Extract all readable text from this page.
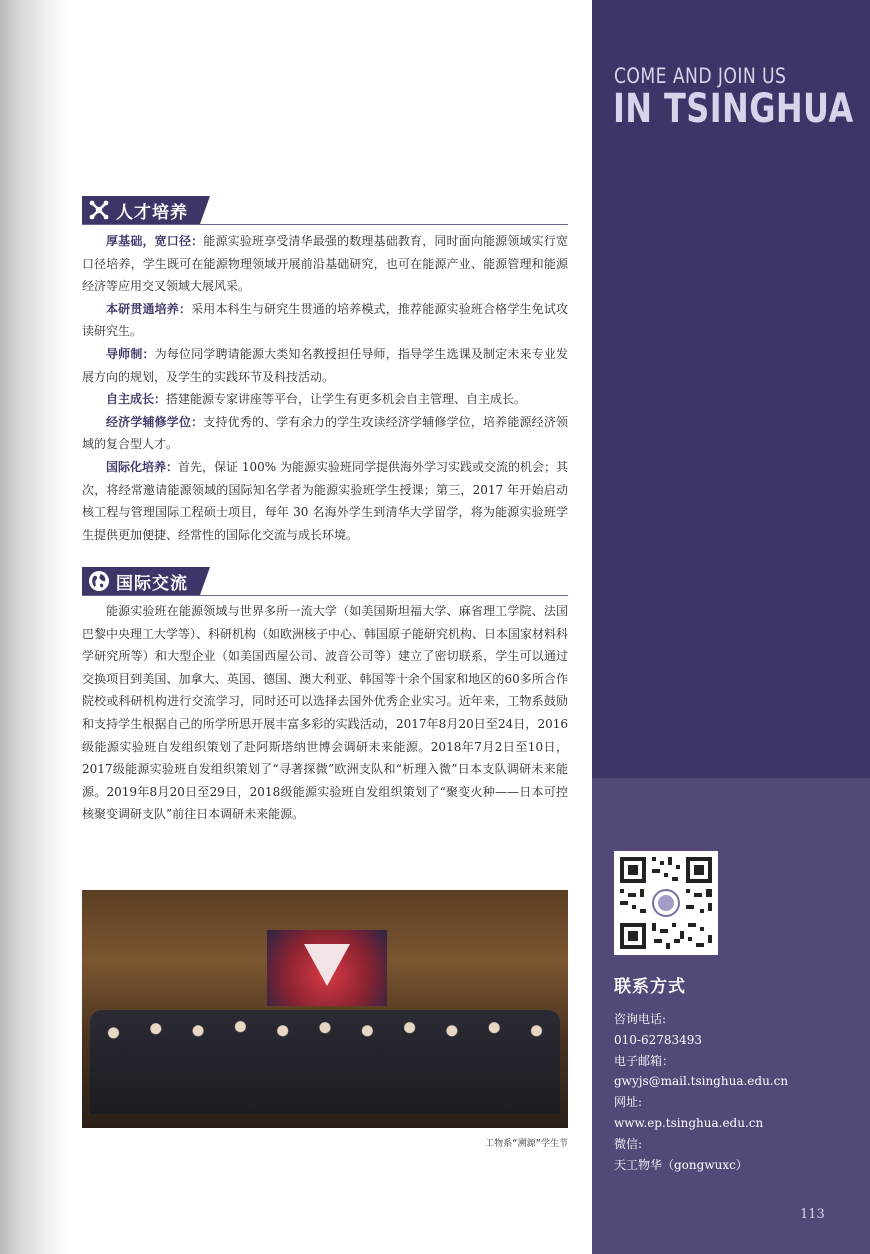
COME AND JOIN US
IN TSINGHUA
联系方式
咨询电话:
010-62783493
电子邮箱：
gwyjs@mail.tsinghua.edu.cn
网址:
www.ep.tsinghua.edu.cn
微信:
天工物华（gongwuxc）
113
人才培养

厚基础，宽口径：能源实验班享受清华最强的数理基础教育，同时面向能源领域实行宽口径培养，学生既可在能源物理领域开展前沿基础研究，也可在能源产业、能源管理和能源经济等应用交叉领域大展风采。

本研贯通培养：采用本科生与研究生贯通的培养模式，推荐能源实验班合格学生免试攻读研究生。

导师制：为每位同学聘请能源大类知名教授担任导师，指导学生选课及制定未来专业发展方向的规划，及学生的实践环节及科技活动。

自主成长：搭建能源专家讲座等平台，让学生有更多机会自主管理、自主成长。

经济学辅修学位：支持优秀的、学有余力的学生攻读经济学辅修学位，培养能源经济领域的复合型人才。

国际化培养：首先，保证 100% 为能源实验班同学提供海外学习实践或交流的机会；其次，将经常邀请能源领域的国际知名学者为能源实验班学生授课；第三，2017 年开始启动核工程与管理国际工程硕士项目，每年 30 名海外学生到清华大学留学，将为能源实验班学生提供更加便捷、经常性的国际化交流与成长环境。

国际交流

能源实验班在能源领域与世界多所一流大学（如美国斯坦福大学、麻省理工学院、法国巴黎中央理工大学等）、科研机构（如欧洲核子中心、韩国原子能研究机构、日本国家材料科学研究所等）和大型企业（如美国西屋公司、波音公司等）建立了密切联系，学生可以通过交换项目到美国、加拿大、英国、德国、澳大利亚、韩国等十余个国家和地区的60多所合作院校或科研机构进行交流学习，同时还可以选择去国外优秀企业实习。近年来，工物系鼓励和支持学生根据自己的所学所思开展丰富多彩的实践活动，2017年8月20日至24日，2016级能源实验班自发组织策划了赴阿斯塔纳世博会调研未来能源。2018年7月2日至10日，2017级能源实验班自发组织策划了“寻著探微”欧洲支队和“析理入微”日本支队调研未来能源。2019年8月20日至29日，2018级能源实验班自发组织策划了“聚变火种——日本可控核聚变调研支队”前往日本调研未来能源。

工物系“溯源”学生节
